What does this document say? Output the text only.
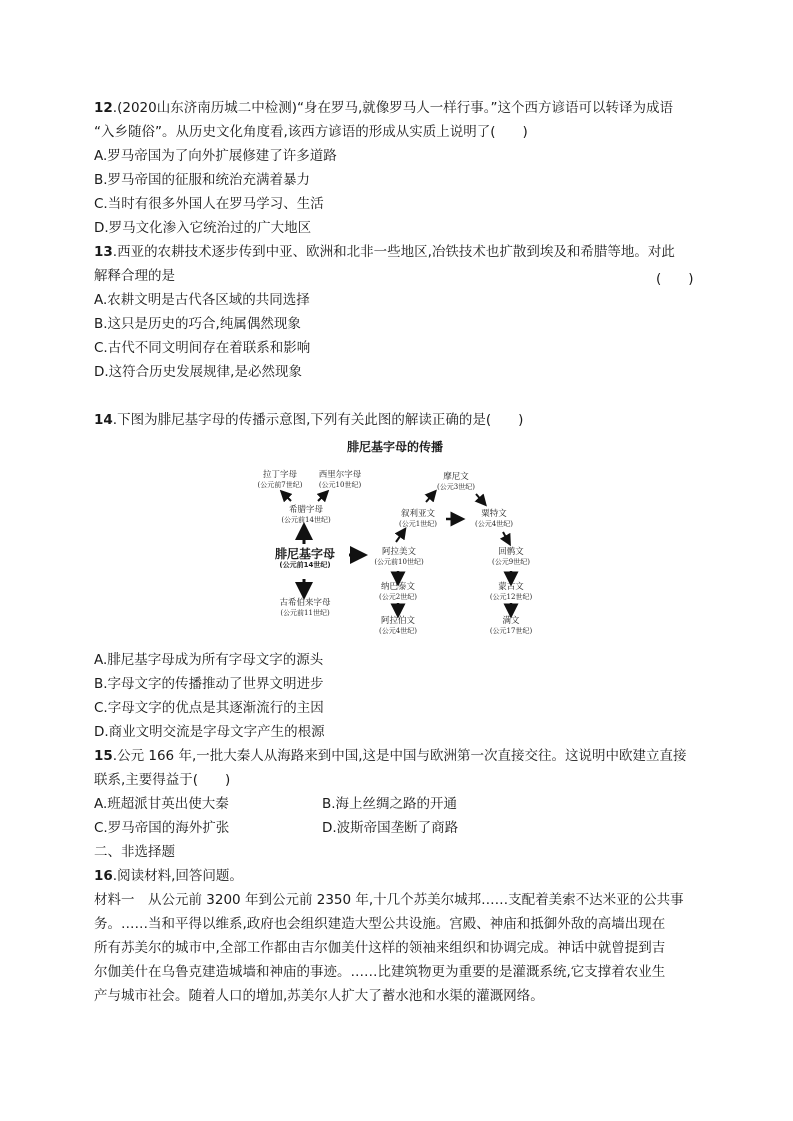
12.(2020山东济南历城二中检测)“身在罗马,就像罗马人一样行事。”这个西方谚语可以转译为成语
“入乡随俗”。从历史文化角度看,该西方谚语的形成从实质上说明了(　　)
A.罗马帝国为了向外扩展修建了许多道路
B.罗马帝国的征服和统治充满着暴力
C.当时有很多外国人在罗马学习、生活
D.罗马文化渗入它统治过的广大地区
13.西亚的农耕技术逐步传到中亚、欧洲和北非一些地区,冶铁技术也扩散到埃及和希腊等地。对此
解释合理的是	(　　)
A.农耕文明是古代各区域的共同选择
B.这只是历史的巧合,纯属偶然现象
C.古代不同文明间存在着联系和影响
D.这符合历史发展规律,是必然现象
14.下图为腓尼基字母的传播示意图,下列有关此图的解读正确的是(　　)
腓尼基字母的传播
拉丁字母
(公元前7世纪)
西里尔字母
(公元10世纪)
希腊字母
(公元前14世纪)
腓尼基字母
(公元前14世纪)
古希伯来字母
(公元前11世纪)
阿拉美文
(公元前10世纪)
纳巴泰文
(公元2世纪)
阿拉伯文
(公元4世纪)
叙利亚文
(公元1世纪)
摩尼文
(公元3世纪)
粟特文
(公元4世纪)
回鹘文
(公元9世纪)
蒙古文
(公元12世纪)
满文
(公元17世纪)
A.腓尼基字母成为所有字母文字的源头
B.字母文字的传播推动了世界文明进步
C.字母文字的优点是其逐渐流行的主因
D.商业文明交流是字母文字产生的根源
15.公元 166 年,一批大秦人从海路来到中国,这是中国与欧洲第一次直接交往。这说明中欧建立直接
联系,主要得益于(　　)
A.班超派甘英出使大秦	B.海上丝绸之路的开通
C.罗马帝国的海外扩张	D.波斯帝国垄断了商路
二、非选择题
16.阅读材料,回答问题。
材料一　从公元前 3200 年到公元前 2350 年,十几个苏美尔城邦……支配着美索不达米亚的公共事
务。……当和平得以维系,政府也会组织建造大型公共设施。宫殿、神庙和抵御外敌的高墙出现在
所有苏美尔的城市中,全部工作都由吉尔伽美什这样的领袖来组织和协调完成。神话中就曾提到吉
尔伽美什在乌鲁克建造城墙和神庙的事迹。……比建筑物更为重要的是灌溉系统,它支撑着农业生
产与城市社会。随着人口的增加,苏美尔人扩大了蓄水池和水渠的灌溉网络。
